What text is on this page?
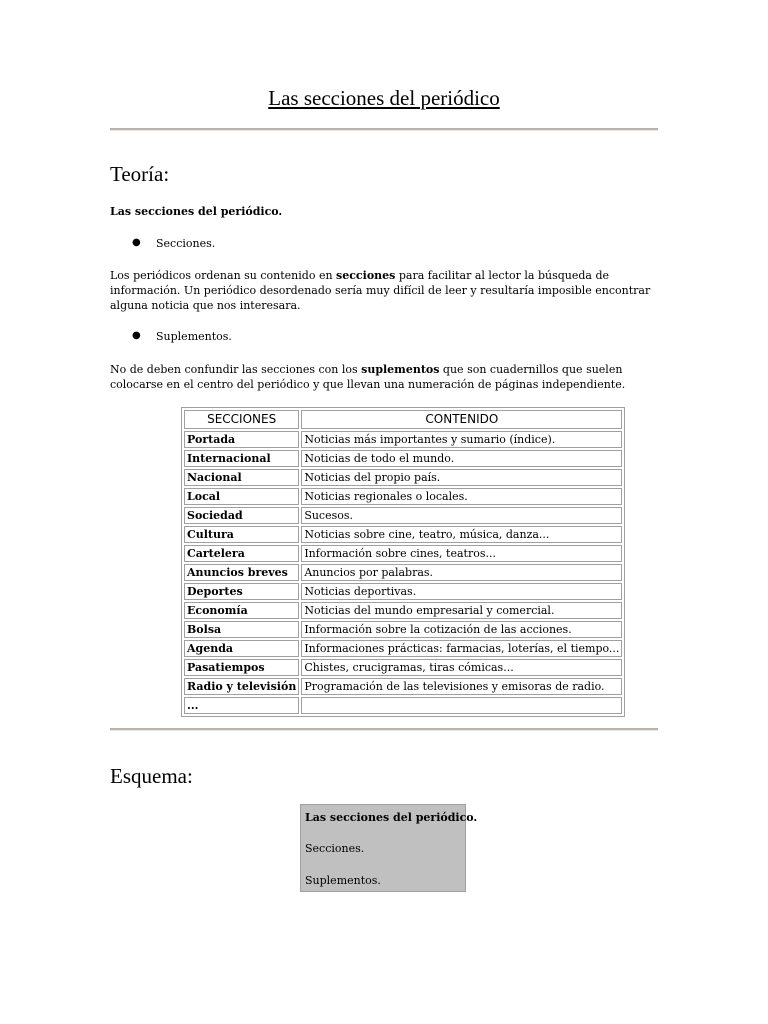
Las secciones del periódico
Teoría:
Las secciones del periódico.
● Secciones.
Los periódicos ordenan su contenido en secciones para facilitar al lector la búsqueda de información. Un periódico desordenado sería muy difícil de leer y resultaría imposible encontrar alguna noticia que nos interesara.
● Suplementos.
No de deben confundir las secciones con los suplementos que son cuadernillos que suelen colocarse en el centro del periódico y que llevan una numeración de páginas independiente.
SECCIONES	CONTENIDO
Portada	Noticias más importantes y sumario (índice).
Internacional	Noticias de todo el mundo.
Nacional	Noticias del propio país.
Local	Noticias regionales o locales.
Sociedad	Sucesos.
Cultura	Noticias sobre cine, teatro, música, danza...
Cartelera	Información sobre cines, teatros...
Anuncios breves	Anuncios por palabras.
Deportes	Noticias deportivas.
Economía	Noticias del mundo empresarial y comercial.
Bolsa	Información sobre la cotización de las acciones.
Agenda	Informaciones prácticas: farmacias, loterías, el tiempo...
Pasatiempos	Chistes, crucigramas, tiras cómicas...
Radio y televisión	Programación de las televisiones y emisoras de radio.
...	
Esquema:
Las secciones del periódico.
Secciones.
Suplementos.
